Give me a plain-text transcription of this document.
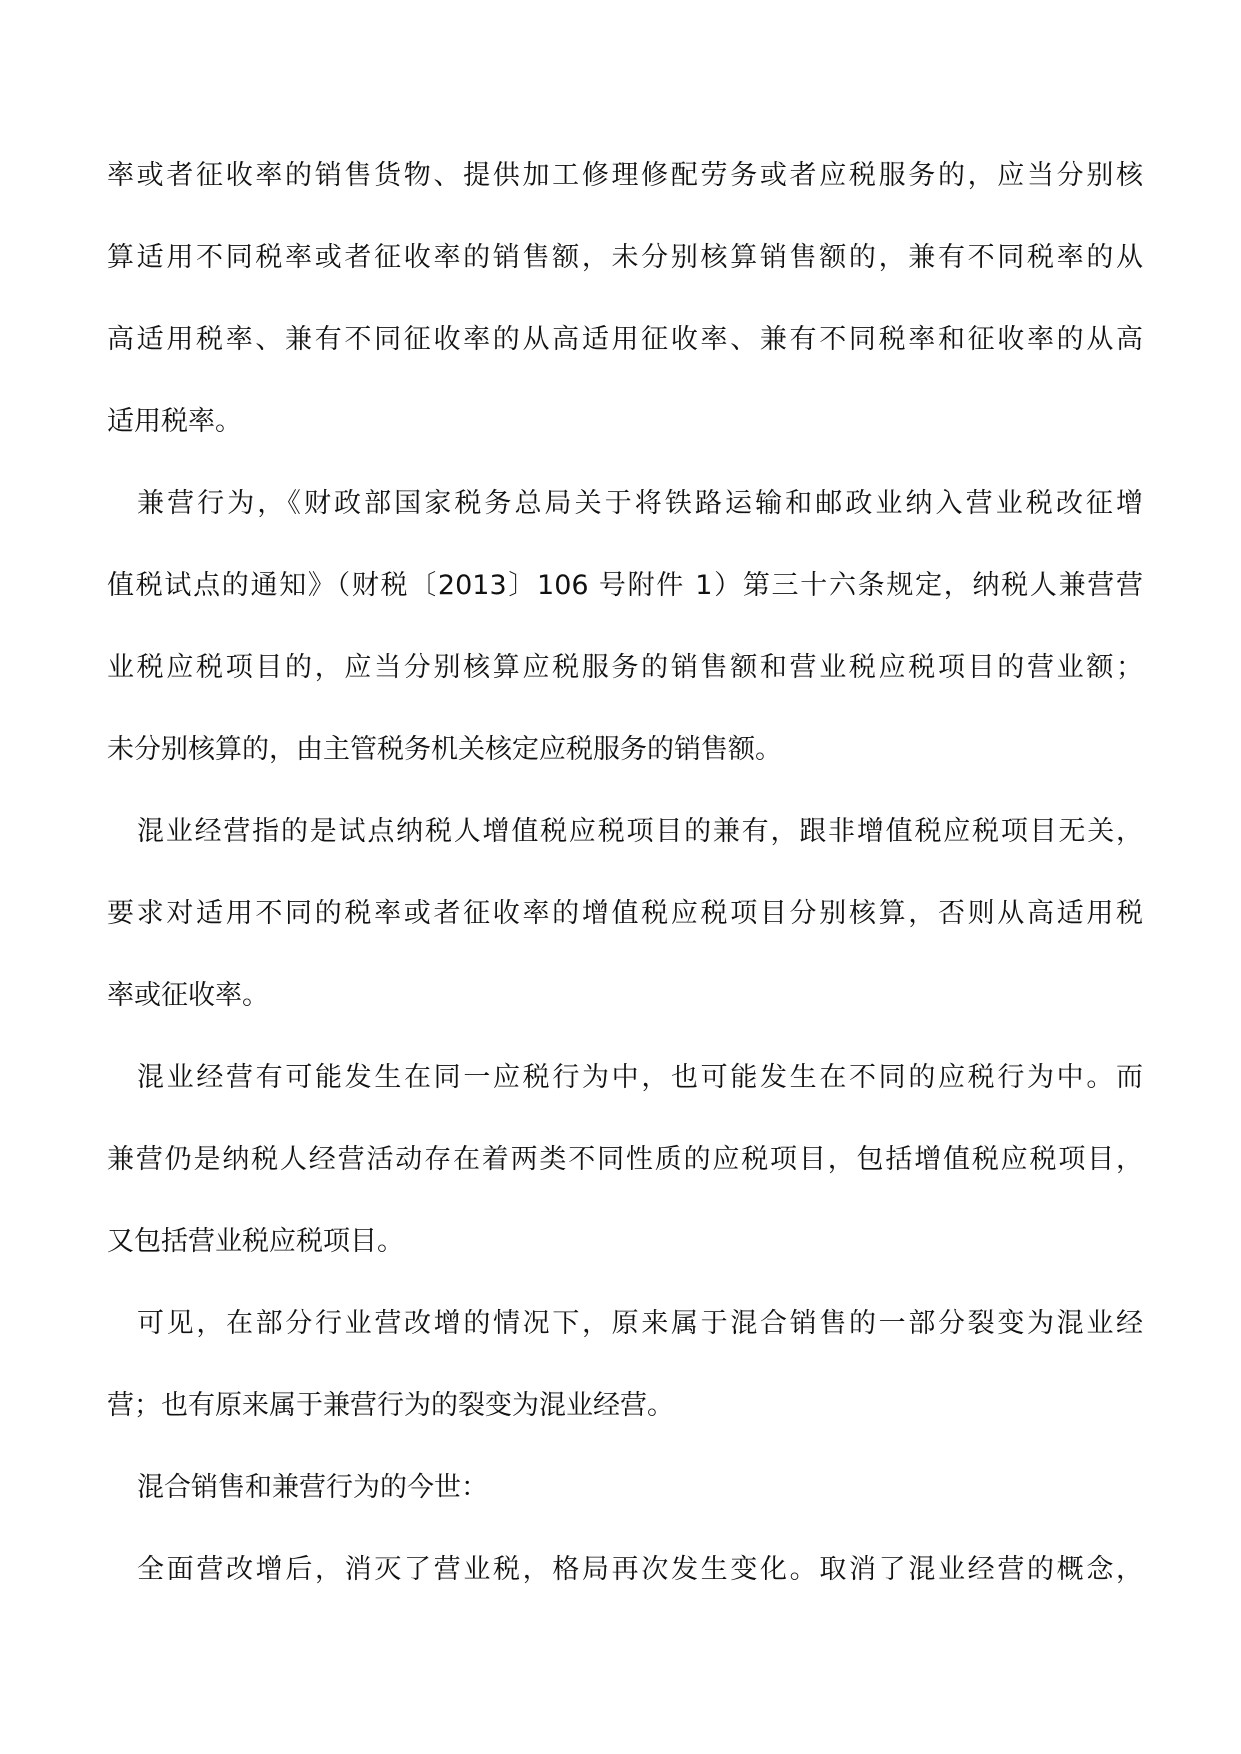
率或者征收率的销售货物、提供加工修理修配劳务或者应税服务的，应当分别核
算适用不同税率或者征收率的销售额，未分别核算销售额的，兼有不同税率的从
高适用税率、兼有不同征收率的从高适用征收率、兼有不同税率和征收率的从高
适用税率。
兼营行为，《财政部国家税务总局关于将铁路运输和邮政业纳入营业税改征增
值税试点的通知》（财税〔2013〕106 号附件 1）第三十六条规定，纳税人兼营营
业税应税项目的，应当分别核算应税服务的销售额和营业税应税项目的营业额；
未分别核算的，由主管税务机关核定应税服务的销售额。
混业经营指的是试点纳税人增值税应税项目的兼有，跟非增值税应税项目无关，
要求对适用不同的税率或者征收率的增值税应税项目分别核算，否则从高适用税
率或征收率。
混业经营有可能发生在同一应税行为中，也可能发生在不同的应税行为中。而
兼营仍是纳税人经营活动存在着两类不同性质的应税项目，包括增值税应税项目，
又包括营业税应税项目。
可见，在部分行业营改增的情况下，原来属于混合销售的一部分裂变为混业经
营；也有原来属于兼营行为的裂变为混业经营。
混合销售和兼营行为的今世：
全面营改增后，消灭了营业税，格局再次发生变化。取消了混业经营的概念，
